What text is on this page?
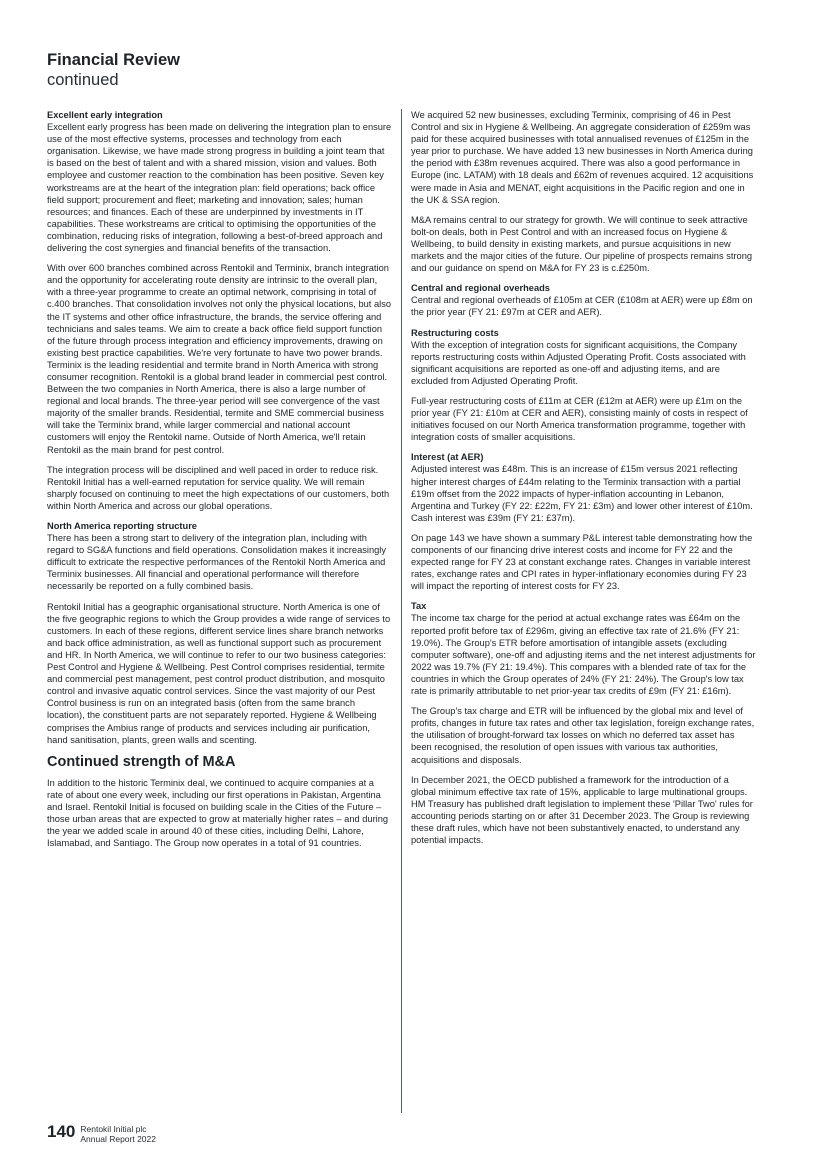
Financial Review
continued
Excellent early integration

Excellent early progress has been made on delivering the integration plan to ensure use of the most effective systems, processes and technology from each organisation. Likewise, we have made strong progress in building a joint team that is based on the best of talent and with a shared mission, vision and values. Both employee and customer reaction to the combination has been positive. Seven key workstreams are at the heart of the integration plan: field operations; back office field support; procurement and fleet; marketing and innovation; sales; human resources; and finances. Each of these are underpinned by investments in IT capabilities. These workstreams are critical to optimising the opportunities of the combination, reducing risks of integration, following a best-of-breed approach and delivering the cost synergies and financial benefits of the transaction.

With over 600 branches combined across Rentokil and Terminix, branch integration and the opportunity for accelerating route density are intrinsic to the overall plan, with a three-year programme to create an optimal network, comprising in total of c.400 branches. That consolidation involves not only the physical locations, but also the IT systems and other office infrastructure, the brands, the service offering and technicians and sales teams. We aim to create a back office field support function of the future through process integration and efficiency improvements, drawing on existing best practice capabilities. We're very fortunate to have two power brands. Terminix is the leading residential and termite brand in North America with strong consumer recognition. Rentokil is a global brand leader in commercial pest control. Between the two companies in North America, there is also a large number of regional and local brands. The three-year period will see convergence of the vast majority of the smaller brands. Residential, termite and SME commercial business will take the Terminix brand, while larger commercial and national account customers will enjoy the Rentokil name. Outside of North America, we'll retain Rentokil as the main brand for pest control.

The integration process will be disciplined and well paced in order to reduce risk. Rentokil Initial has a well-earned reputation for service quality. We will remain sharply focused on continuing to meet the high expectations of our customers, both within North America and across our global operations.

North America reporting structure

There has been a strong start to delivery of the integration plan, including with regard to SG&A functions and field operations. Consolidation makes it increasingly difficult to extricate the respective performances of the Rentokil North America and Terminix businesses. All financial and operational performance will therefore necessarily be reported on a fully combined basis.

Rentokil Initial has a geographic organisational structure. North America is one of the five geographic regions to which the Group provides a wide range of services to customers. In each of these regions, different service lines share branch networks and back office administration, as well as functional support such as procurement and HR. In North America, we will continue to refer to our two business categories: Pest Control and Hygiene & Wellbeing. Pest Control comprises residential, termite and commercial pest management, pest control product distribution, and mosquito control and invasive aquatic control services. Since the vast majority of our Pest Control business is run on an integrated basis (often from the same branch location), the constituent parts are not separately reported. Hygiene & Wellbeing comprises the Ambius range of products and services including air purification, hand sanitisation, plants, green walls and scenting.

Continued strength of M&A

In addition to the historic Terminix deal, we continued to acquire companies at a rate of about one every week, including our first operations in Pakistan, Argentina and Israel. Rentokil Initial is focused on building scale in the Cities of the Future – those urban areas that are expected to grow at materially higher rates – and during the year we added scale in around 40 of these cities, including Delhi, Lahore, Islamabad, and Santiago. The Group now operates in a total of 91 countries.

We acquired 52 new businesses, excluding Terminix, comprising of 46 in Pest Control and six in Hygiene & Wellbeing. An aggregate consideration of £259m was paid for these acquired businesses with total annualised revenues of £125m in the year prior to purchase. We have added 13 new businesses in North America during the period with £38m revenues acquired. There was also a good performance in Europe (inc. LATAM) with 18 deals and £62m of revenues acquired. 12 acquisitions were made in Asia and MENAT, eight acquisitions in the Pacific region and one in the UK & SSA region.

M&A remains central to our strategy for growth. We will continue to seek attractive bolt-on deals, both in Pest Control and with an increased focus on Hygiene & Wellbeing, to build density in existing markets, and pursue acquisitions in new markets and the major cities of the future. Our pipeline of prospects remains strong and our guidance on spend on M&A for FY 23 is c.£250m.

Central and regional overheads

Central and regional overheads of £105m at CER (£108m at AER) were up £8m on the prior year (FY 21: £97m at CER and AER).

Restructuring costs

With the exception of integration costs for significant acquisitions, the Company reports restructuring costs within Adjusted Operating Profit. Costs associated with significant acquisitions are reported as one-off and adjusting items, and are excluded from Adjusted Operating Profit.

Full-year restructuring costs of £11m at CER (£12m at AER) were up £1m on the prior year (FY 21: £10m at CER and AER), consisting mainly of costs in respect of initiatives focused on our North America transformation programme, together with integration costs of smaller acquisitions.

Interest (at AER)

Adjusted interest was £48m. This is an increase of £15m versus 2021 reflecting higher interest charges of £44m relating to the Terminix transaction with a partial £19m offset from the 2022 impacts of hyper-inflation accounting in Lebanon, Argentina and Turkey (FY 22: £22m, FY 21: £3m) and lower other interest of £10m. Cash interest was £39m (FY 21: £37m).

On page 143 we have shown a summary P&L interest table demonstrating how the components of our financing drive interest costs and income for FY 22 and the expected range for FY 23 at constant exchange rates. Changes in variable interest rates, exchange rates and CPI rates in hyper-inflationary economies during FY 23 will impact the reporting of interest costs for FY 23.

Tax

The income tax charge for the period at actual exchange rates was £64m on the reported profit before tax of £296m, giving an effective tax rate of 21.6% (FY 21: 19.0%). The Group's ETR before amortisation of intangible assets (excluding computer software), one-off and adjusting items and the net interest adjustments for 2022 was 19.7% (FY 21: 19.4%). This compares with a blended rate of tax for the countries in which the Group operates of 24% (FY 21: 24%). The Group's low tax rate is primarily attributable to net prior-year tax credits of £9m (FY 21: £16m).

The Group's tax charge and ETR will be influenced by the global mix and level of profits, changes in future tax rates and other tax legislation, foreign exchange rates, the utilisation of brought-forward tax losses on which no deferred tax asset has been recognised, the resolution of open issues with various tax authorities, acquisitions and disposals.

In December 2021, the OECD published a framework for the introduction of a global minimum effective tax rate of 15%, applicable to large multinational groups. HM Treasury has published draft legislation to implement these 'Pillar Two' rules for accounting periods starting on or after 31 December 2023. The Group is reviewing these draft rules, which have not been substantively enacted, to understand any potential impacts.

140 Rentokil Initial plc
Annual Report 2022
